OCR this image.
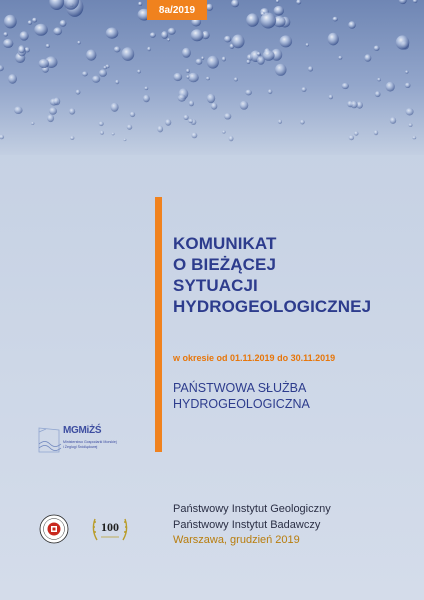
8a/2019
KOMUNIKAT
O BIEŻĄCEJ
SYTUACJI
HYDROGEOLOGICZNEJ

w okresie od 01.11.2019 do 30.11.2019

PAŃSTWOWA SŁUŻBA
HYDROGEOLOGICZNA

MGMiŻŚ
Ministerstwo Gospodarki Morskiej
i Żeglugi Śródlądowej
100
Państwowy Instytut Geologiczny
Państwowy Instytut Badawczy
Warszawa, grudzień 2019
